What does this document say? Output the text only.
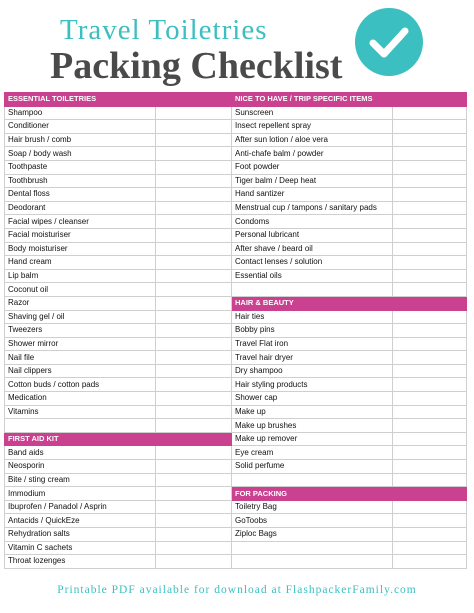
Travel Toiletries
Packing Checklist
ESSENTIAL TOILETRIES		NICE TO HAVE / TRIP SPECIFIC ITEMS	
Shampoo		Sunscreen	
Conditioner		Insect repellent spray	
Hair brush / comb		After sun lotion / aloe vera	
Soap / body wash		Anti-chafe balm / powder	
Toothpaste		Foot powder	
Toothbrush		Tiger balm / Deep heat	
Dental floss		Hand santizer	
Deodorant		Menstrual cup / tampons / sanitary pads	
Facial wipes / cleanser		Condoms	
Facial moisturiser		Personal lubricant	
Body moisturiser		After shave / beard oil	
Hand cream		Contact lenses / solution	
Lip balm		Essential oils	
Coconut oil			
Razor		HAIR & BEAUTY	
Shaving gel / oil		Hair ties	
Tweezers		Bobby pins	
Shower mirror		Travel Flat iron	
Nail file		Travel hair dryer	
Nail clippers		Dry shampoo	
Cotton buds / cotton pads		Hair styling products	
Medication		Shower cap	
Vitamins		Make up	
		Make up brushes	
FIRST AID KIT		Make up remover	
Band aids		Eye cream	
Neosporin		Solid perfume	
Bite / sting cream			
Immodium		FOR PACKING	
Ibuprofen / Panadol / Asprin		Toiletry Bag	
Antacids / QuickEze		GoToobs	
Rehydration salts		Ziploc Bags	
Vitamin C sachets			
Throat lozenges			
Printable PDF available for download at FlashpackerFamily.com
